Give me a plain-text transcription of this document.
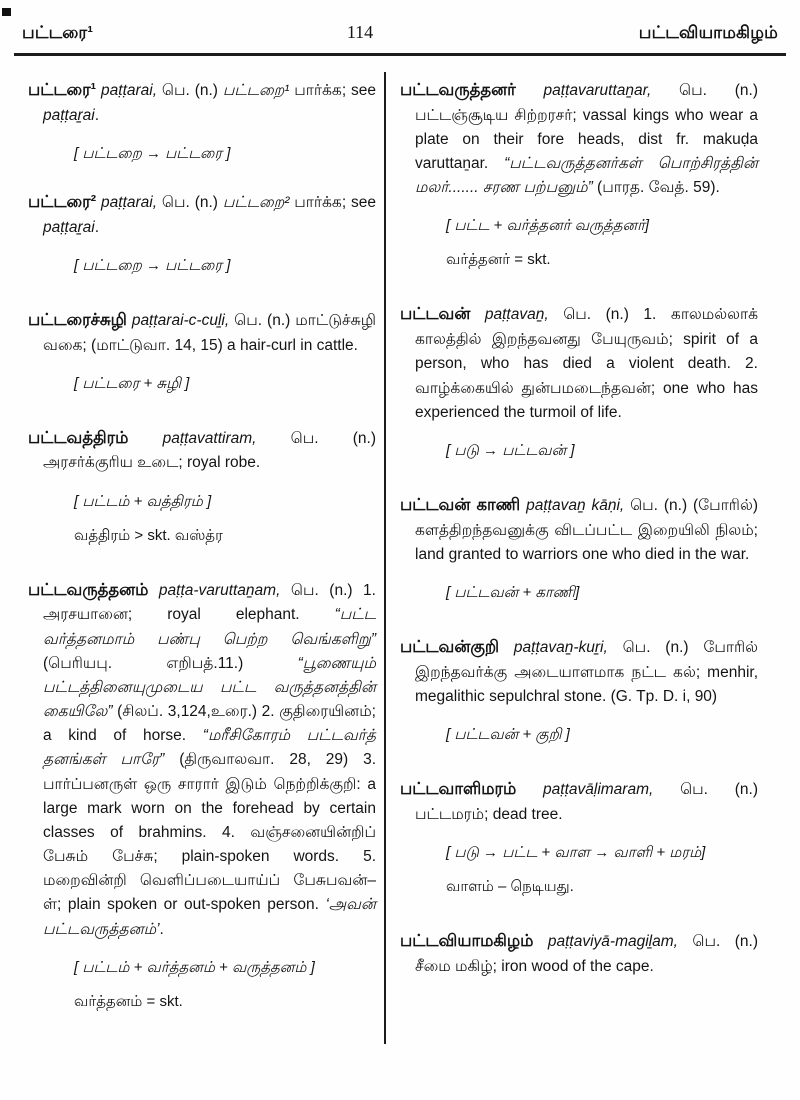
பட்டரை¹	114	பட்டவியாமகிழம்

பட்டரை¹ paṭṭarai, பெ. (n.) பட்டறை¹ பார்க்க; see paṭṭaṟai.

[ பட்டறை → பட்டரை ]

பட்டரை² paṭṭarai, பெ. (n.) பட்டறை² பார்க்க; see paṭṭaṟai.

[ பட்டறை → பட்டரை ]

பட்டரைச்சுழி paṭṭarai-c-cuḻi, பெ. (n.) மாட்டுச்சுழி வகை; (மாட்டுவா. 14, 15) a hair-curl in cattle.

[ பட்டரை + சுழி ]

பட்டவத்திரம் paṭṭavattiram, பெ. (n.) அரசர்க்குரிய உடை; royal robe.

[ பட்டம் + வத்திரம் ]

வத்திரம் > skt. வஸ்த்ர

பட்டவருத்தனம் paṭṭa-varuttaṉam, பெ. (n.) 1. அரசயானை; royal elephant. “பட்ட வர்த்தனமாம் பண்பு பெற்ற வெங்களிறு” (பெரியபு. எறிபத்.11.) “பூணையும் பட்டத்தினையுமுடைய பட்ட வருத்தனத்தின் கையிலே” (சிலப். 3,124,உரை.) 2. குதிரையினம்; a kind of horse. “மரீசிகோரம் பட்டவர்த் தனங்கள் பாரே” (திருவாலவா. 28, 29) 3. பார்ப்பனருள் ஒரு சாரார் இடும் நெற்றிக்குறி: a large mark worn on the forehead by certain classes of brahmins. 4. வஞ்சனையின்றிப் பேசும் பேச்சு; plain-spoken words. 5. மறைவின்றி வெளிப்படையாய்ப் பேசுபவன்–ள்; plain spoken or out-spoken person. ‘அவன் பட்டவருத்தனம்’.

[ பட்டம் + வர்த்தனம் + வருத்தனம் ]

வர்த்தனம் = skt.

பட்டவருத்தனர் paṭṭavaruttaṉar, பெ. (n.) பட்டஞ்சூடிய சிற்றரசர்; vassal kings who wear a plate on their fore heads, dist fr. makuḍa varuttaṉar. “பட்டவருத்தனர்கள் பொற்சிரத்தின் மலர்....... சரண பற்பனும்” (பாரத. வேத். 59).

[ பட்ட + வர்த்தனர் வருத்தனர்]

வர்த்தனர் = skt.

பட்டவன் paṭṭavaṉ, பெ. (n.) 1. காலமல்லாக் காலத்தில் இறந்தவனது பேயுருவம்; spirit of a person, who has died a violent death. 2. வாழ்க்கையில் துன்பமடைந்தவன்; one who has experienced the turmoil of life.

[ படு → பட்டவன் ]

பட்டவன் காணி paṭṭavaṉ kāṇi, பெ. (n.) (போரில்) களத்திறந்தவனுக்கு விடப்பட்ட இறையிலி நிலம்; land granted to warriors one who died in the war.

[ பட்டவன் + காணி]

பட்டவன்குறி paṭṭavaṉ-kuṟi, பெ. (n.) போரில் இறந்தவர்க்கு அடையாளமாக நட்ட கல்; menhir, megalithic sepulchral stone. (G. Tp. D. i, 90)

[ பட்டவன் + குறி ]

பட்டவாளிமரம் paṭṭavāḷimaram, பெ. (n.) பட்டமரம்; dead tree.

[ படு → பட்ட + வாள → வாளி + மரம்]

வாளம் – நெடியது.

பட்டவியாமகிழம் paṭṭaviyā-magiḻam, பெ. (n.) சீமை மகிழ்; iron wood of the cape.
